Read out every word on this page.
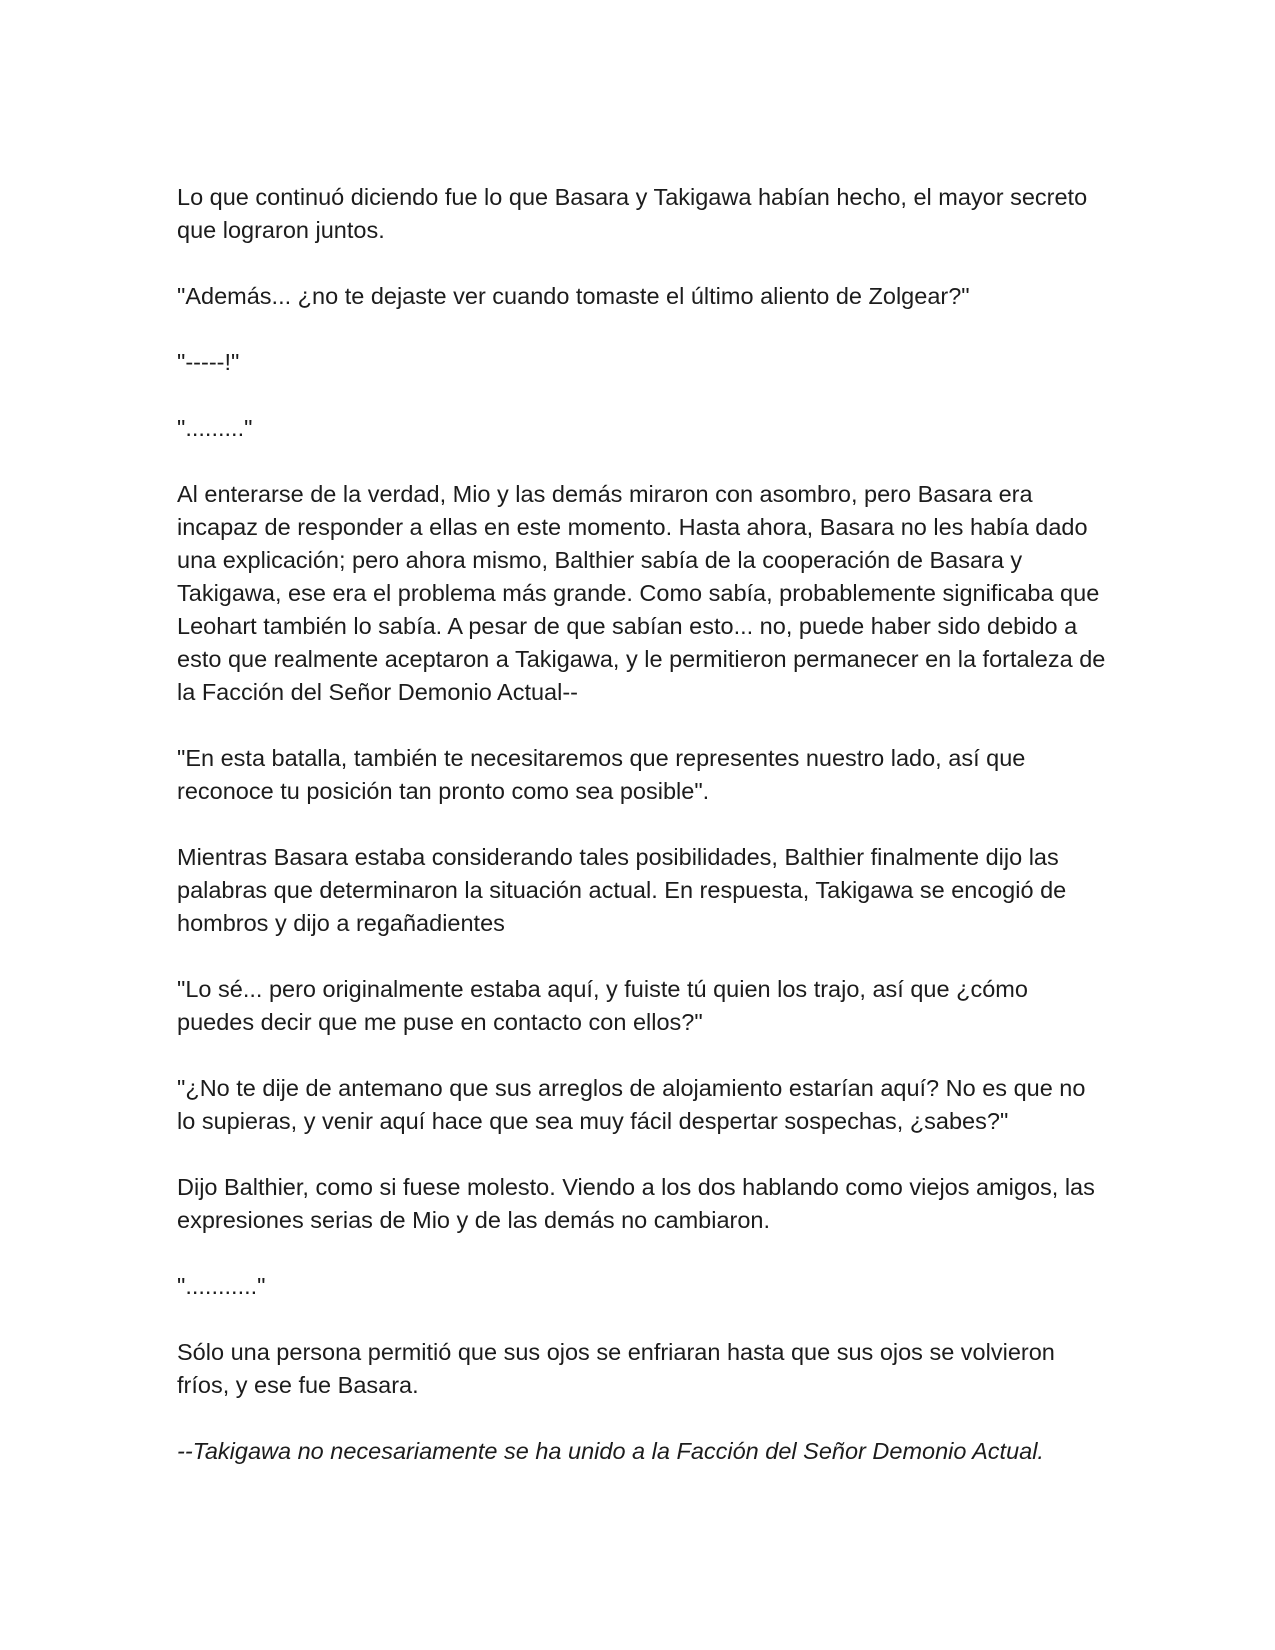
Lo que continuó diciendo fue lo que Basara y Takigawa habían hecho, el mayor secreto que lograron juntos.

"Además... ¿no te dejaste ver cuando tomaste el último aliento de Zolgear?"

"-----!"

"........."

Al enterarse de la verdad, Mio y las demás miraron con asombro, pero Basara era incapaz de responder a ellas en este momento. Hasta ahora, Basara no les había dado una explicación; pero ahora mismo, Balthier sabía de la cooperación de Basara y Takigawa, ese era el problema más grande. Como sabía, probablemente significaba que Leohart también lo sabía. A pesar de que sabían esto... no, puede haber sido debido a esto que realmente aceptaron a Takigawa, y le permitieron permanecer en la fortaleza de la Facción del Señor Demonio Actual--

"En esta batalla, también te necesitaremos que representes nuestro lado, así que reconoce tu posición tan pronto como sea posible".

Mientras Basara estaba considerando tales posibilidades, Balthier finalmente dijo las palabras que determinaron la situación actual. En respuesta, Takigawa se encogió de hombros y dijo a regañadientes

"Lo sé... pero originalmente estaba aquí, y fuiste tú quien los trajo, así que ¿cómo puedes decir que me puse en contacto con ellos?"

"¿No te dije de antemano que sus arreglos de alojamiento estarían aquí? No es que no lo supieras, y venir aquí hace que sea muy fácil despertar sospechas, ¿sabes?"

Dijo Balthier, como si fuese molesto. Viendo a los dos hablando como viejos amigos, las expresiones serias de Mio y de las demás no cambiaron.

"..........."

Sólo una persona permitió que sus ojos se enfriaran hasta que sus ojos se volvieron fríos, y ese fue Basara.

--Takigawa no necesariamente se ha unido a la Facción del Señor Demonio Actual.
